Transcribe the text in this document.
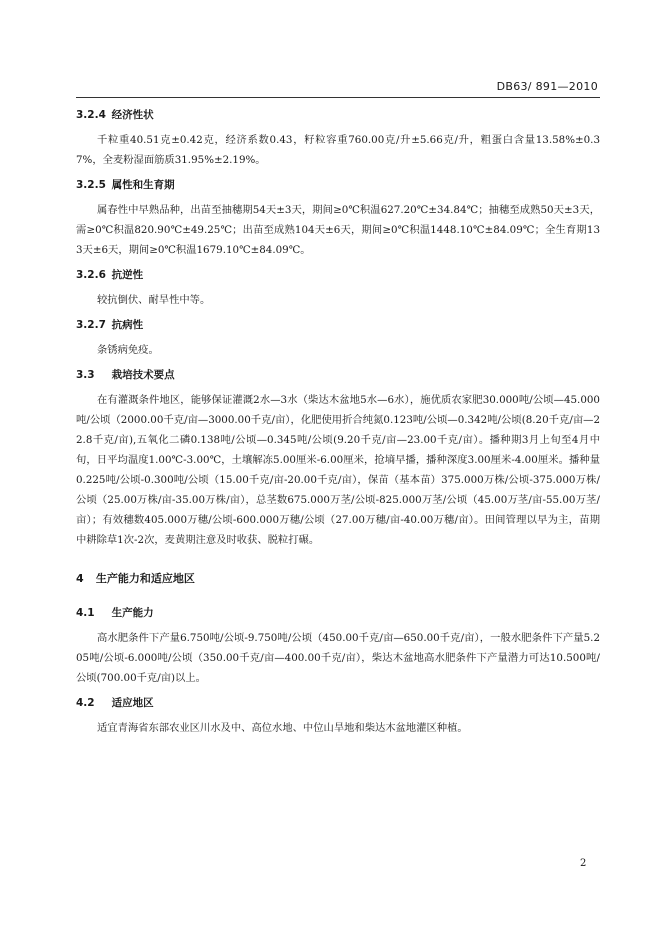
DB63/ 891—2010
3.2.4 经济性状

千粒重40.51克±0.42克，经济系数0.43，籽粒容重760.00克/升±5.66克/升，粗蛋白含量13.58%±0.37%，全麦粉湿面筋质31.95%±2.19%。

3.2.5 属性和生育期

属春性中早熟品种，出苗至抽穗期54天±3天，期间≥0℃积温627.20℃±34.84℃；抽穗至成熟50天±3天，需≥0℃积温820.90℃±49.25℃；出苗至成熟104天±6天，期间≥0℃积温1448.10℃±84.09℃；全生育期133天±6天，期间≥0℃积温1679.10℃±84.09℃。

3.2.6 抗逆性

较抗倒伏、耐旱性中等。

3.2.7 抗病性

条锈病免疫。

3.3 栽培技术要点

在有灌溉条件地区，能够保证灌溉2水—3水（柴达木盆地5水—6水），施优质农家肥30.000吨/公顷—45.000吨/公顷（2000.00千克/亩—3000.00千克/亩），化肥使用折合纯氮0.123吨/公顷—0.342吨/公顷(8.20千克/亩—22.8千克/亩),五氧化二磷0.138吨/公顷—0.345吨/公顷(9.20千克/亩—23.00千克/亩）。播种期3月上旬至4月中旬，日平均温度1.00℃-3.00℃，土壤解冻5.00厘米-6.00厘米，抢墒早播，播种深度3.00厘米-4.00厘米。播种量0.225吨/公顷-0.300吨/公顷（15.00千克/亩-20.00千克/亩），保苗（基本苗）375.000万株/公顷-375.000万株/公顷（25.00万株/亩-35.00万株/亩），总茎数675.000万茎/公顷-825.000万茎/公顷（45.00万茎/亩-55.00万茎/亩）；有效穗数405.000万穗/公顷-600.000万穗/公顷（27.00万穗/亩-40.00万穗/亩）。田间管理以早为主，苗期中耕除草1次-2次，麦黄期注意及时收获、脱粒打碾。

4 生产能力和适应地区
4.1 生产能力

高水肥条件下产量6.750吨/公顷-9.750吨/公顷（450.00千克/亩—650.00千克/亩），一般水肥条件下产量5.205吨/公顷-6.000吨/公顷（350.00千克/亩—400.00千克/亩），柴达木盆地高水肥条件下产量潜力可达10.500吨/公顷(700.00千克/亩)以上。

4.2 适应地区

适宜青海省东部农业区川水及中、高位水地、中位山旱地和柴达木盆地灌区种植。

2
